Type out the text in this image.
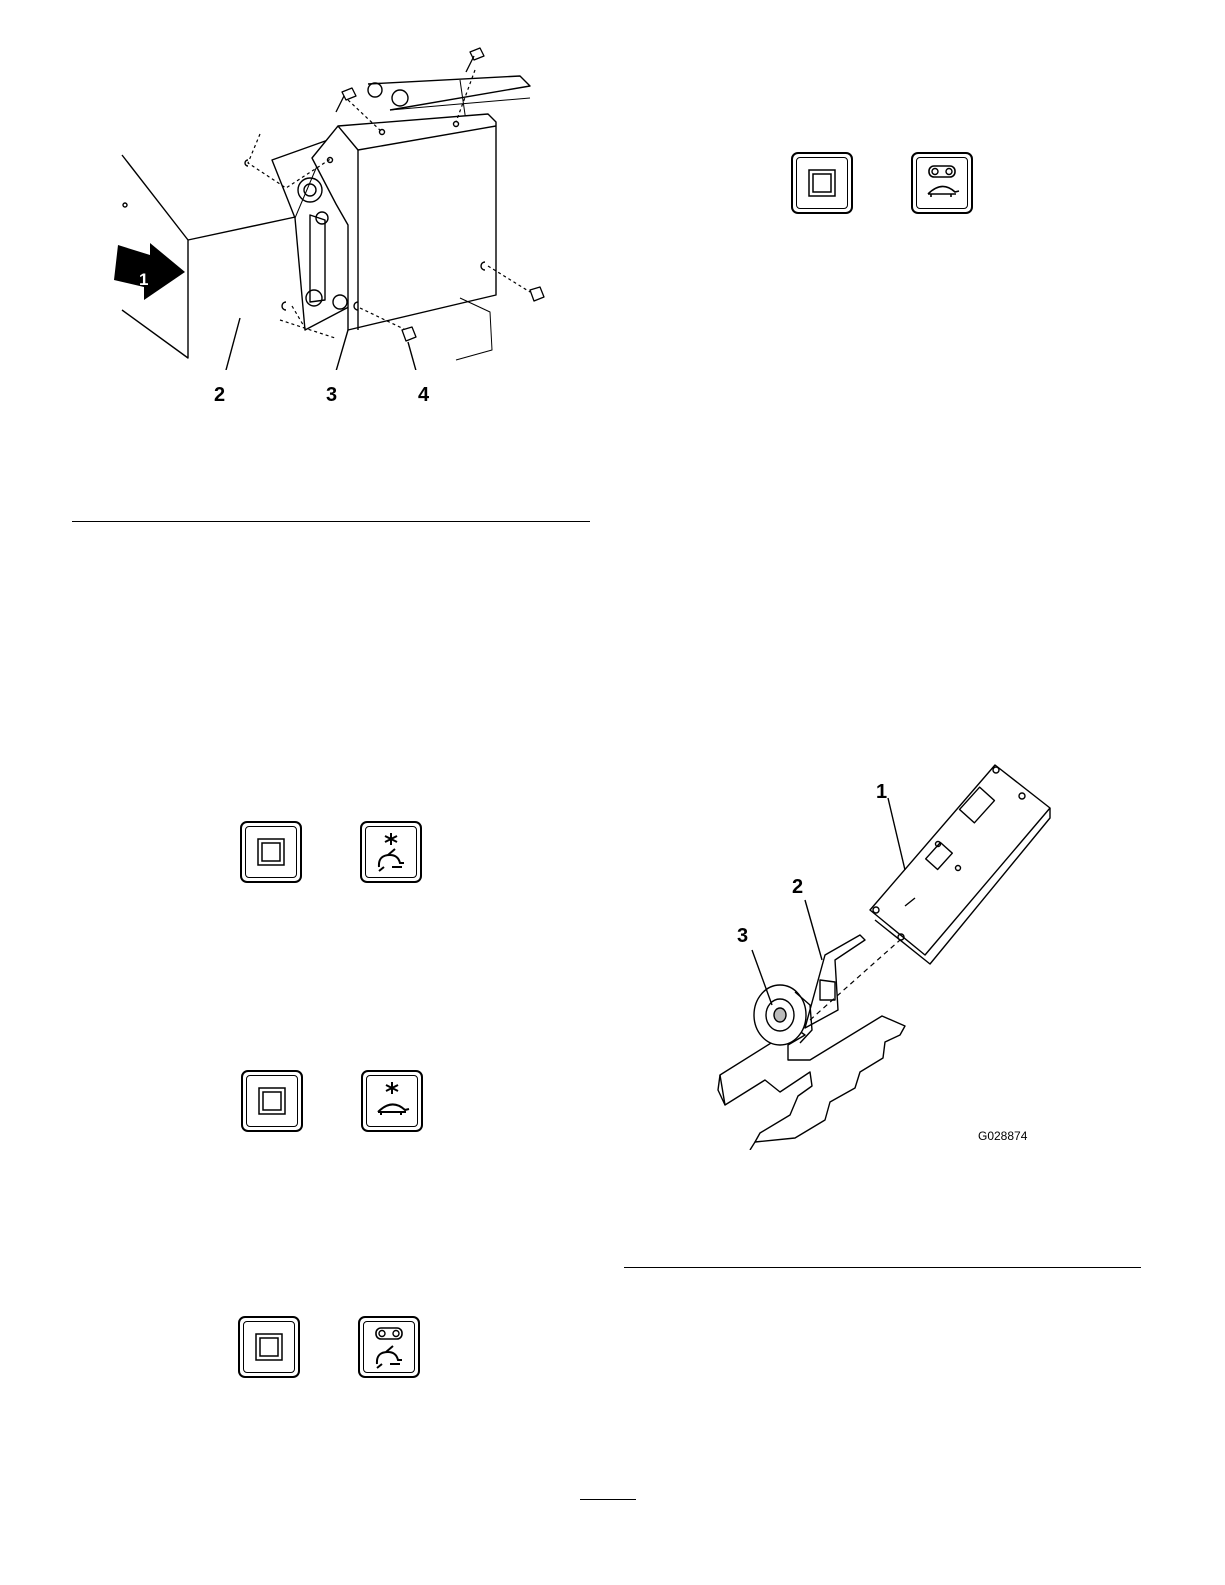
1
2	3	4
1
2
3
G028874
